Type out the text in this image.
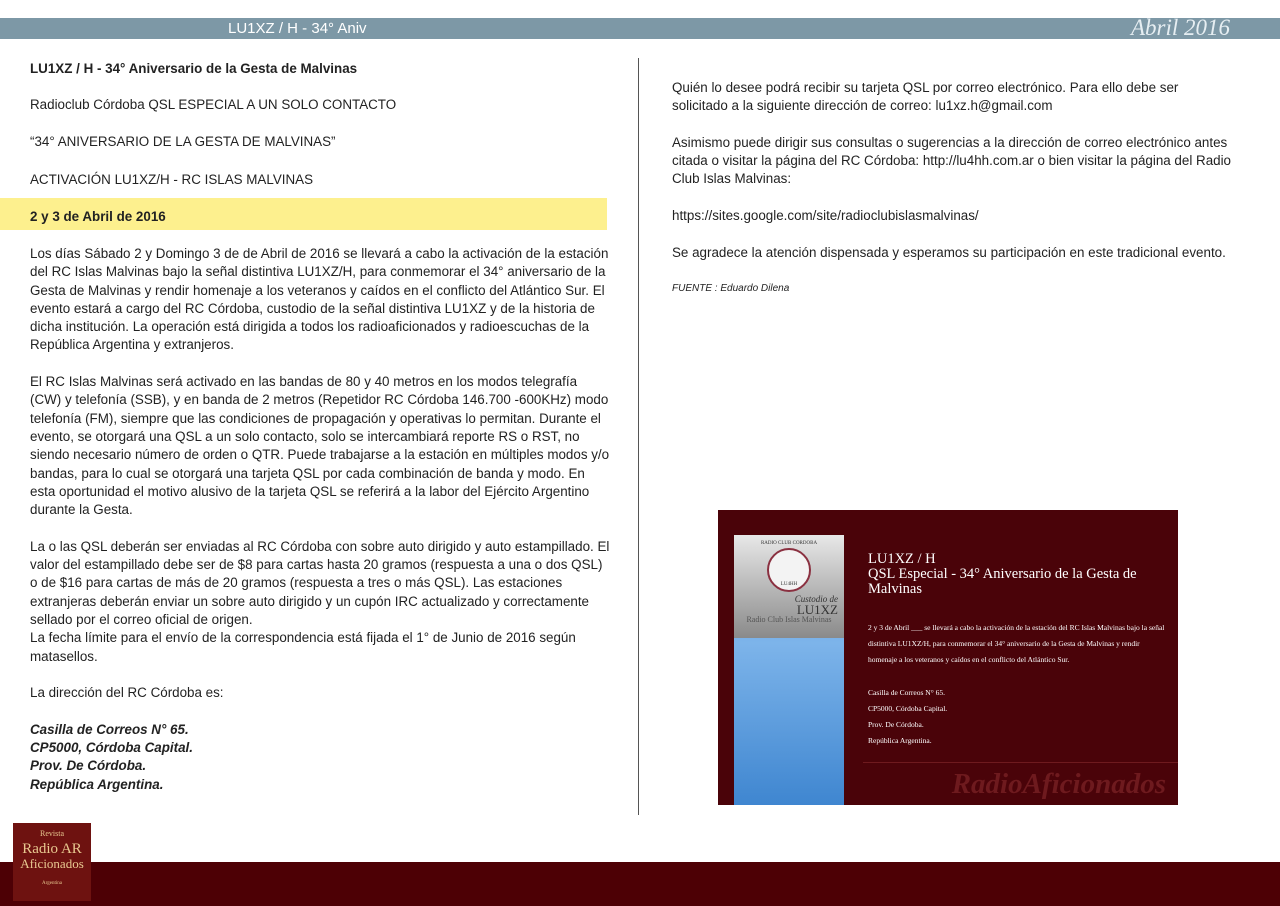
LU1XZ / H - 34° Aniv	Abril 2016
LU1XZ / H - 34° Aniversario de la Gesta de Malvinas
Radioclub Córdoba QSL ESPECIAL A UN SOLO CONTACTO
“34° ANIVERSARIO DE LA GESTA DE MALVINAS”
ACTIVACIÓN LU1XZ/H - RC ISLAS MALVINAS
2 y 3 de Abril de 2016

Los días Sábado 2 y Domingo 3 de de Abril de 2016 se llevará a cabo la activación de la estación del RC Islas Malvinas bajo la señal distintiva LU1XZ/H, para conmemorar el 34° aniversario de la Gesta de Malvinas y rendir homenaje a los veteranos y caídos en el conflicto del Atlántico Sur. El evento estará a cargo del RC Córdoba, custodio de la señal distintiva LU1XZ y de la historia de dicha institución. La operación está dirigida a todos los radioaficionados y radioescuchas de la República Argentina y extranjeros.

El RC Islas Malvinas será activado en las bandas de 80 y 40 metros en los modos telegrafía (CW) y telefonía (SSB), y en banda de 2 metros (Repetidor RC Córdoba 146.700 -600KHz) modo telefonía (FM), siempre que las condiciones de propagación y operativas lo permitan. Durante el evento, se otorgará una QSL a un solo contacto, solo se intercambiará reporte RS o RST, no siendo necesario número de orden o QTR. Puede trabajarse a la estación en múltiples modos y/o bandas, para lo cual se otorgará una tarjeta QSL por cada combinación de banda y modo. En esta oportunidad el motivo alusivo de la tarjeta QSL se referirá a la labor del Ejército Argentino durante la Gesta.

La o las QSL deberán ser enviadas al RC Córdoba con sobre auto dirigido y auto estampillado. El valor del estampillado debe ser de $8 para cartas hasta 20 gramos (respuesta a una o dos QSL) o de $16 para cartas de más de 20 gramos (respuesta a tres o más QSL). Las estaciones extranjeras deberán enviar un sobre auto dirigido y un cupón IRC actualizado y correctamente sellado por el correo oficial de origen.

La fecha límite para el envío de la correspondencia está fijada el 1° de Junio de 2016 según matasellos.

La dirección del RC Córdoba es:

Casilla de Correos N° 65.
CP5000, Córdoba Capital.
Prov. De Córdoba.
República Argentina.

Quién lo desee podrá recibir su tarjeta QSL por correo electrónico. Para ello debe ser solicitado a la siguiente dirección de correo: lu1xz.h@gmail.com

Asimismo puede dirigir sus consultas o sugerencias a la dirección de correo electrónico antes citada o visitar la página del RC Córdoba: http://lu4hh.com.ar o bien visitar la página del Radio Club Islas Malvinas:

https://sites.google.com/site/radioclubislasmalvinas/

Se agradece la atención dispensada y esperamos su participación en este tradicional evento.

FUENTE : Eduardo Dilena

RADIO CLUB CORDOBA
LU4HH
Custodio de
LU1XZ
Radio Club Islas Malvinas
LU1XZ / H
QSL Especial - 34° Aniversario de la Gesta de Malvinas
2 y 3 de Abril ___ se llevará a cabo la activación de la estación del RC Islas Malvinas bajo la señal distintiva LU1XZ/H, para conmemorar el 34° aniversario de la Gesta de Malvinas y rendir homenaje a los veteranos y caídos en el conflicto del Atlántico Sur.
Casilla de Correos N° 65.
CP5000, Córdoba Capital.
Prov. De Córdoba.
República Argentina.
RadioAficionados
Revista
Radio AR
Aficionados
Argentina
